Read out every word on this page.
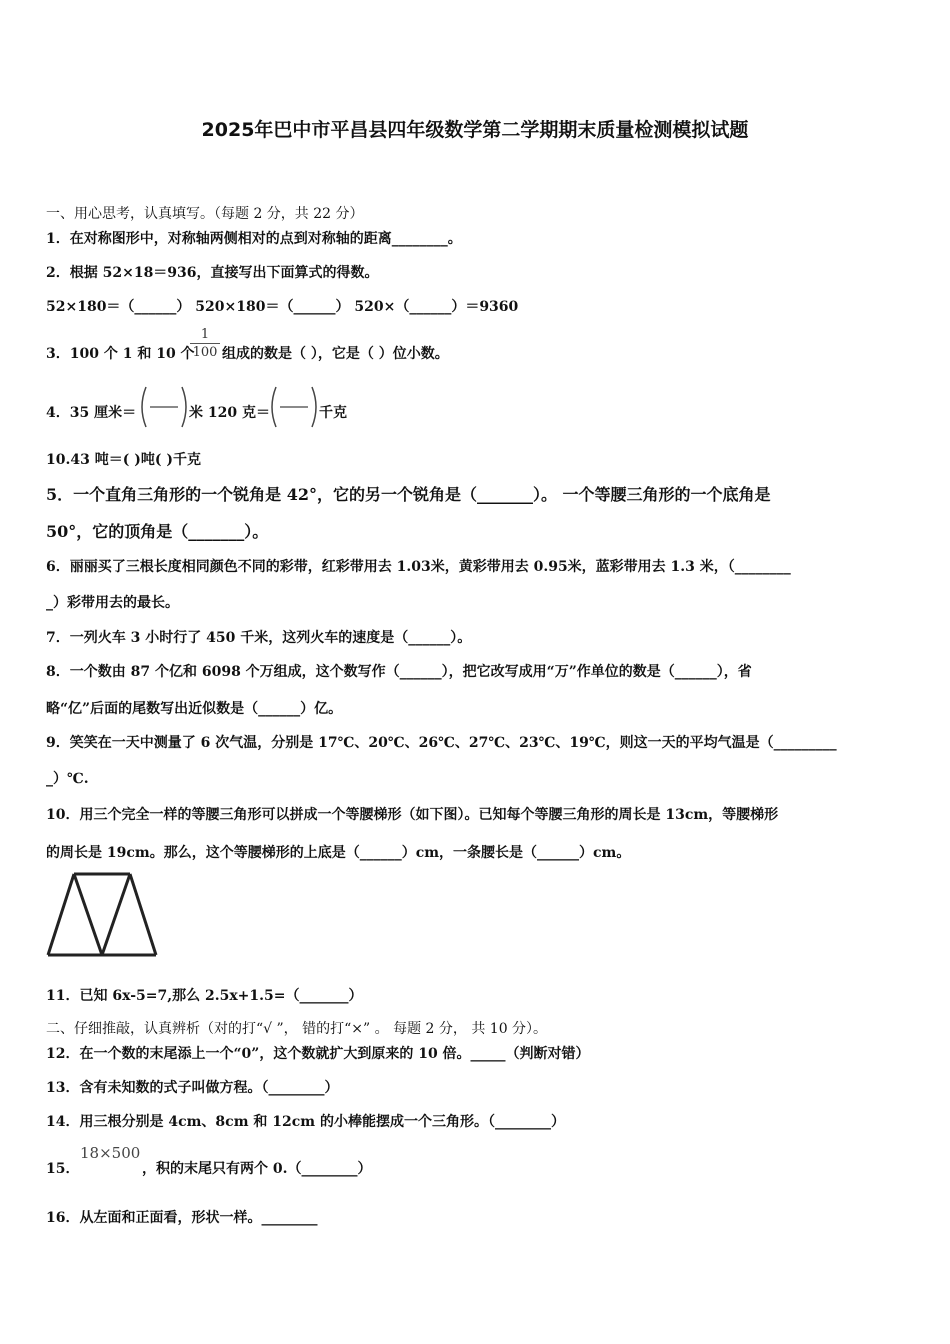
2025年巴中市平昌县四年级数学第二学期期末质量检测模拟试题
一、用心思考，认真填写。（每题 2 分，共 22 分）
1．在对称图形中，对称轴两侧相对的点到对称轴的距离________。
2．根据 52×18＝936，直接写出下面算式的得数。
52×180＝（______） 520×180＝（______） 520×（______）＝9360
3．100 个 1 和 10 个
1
100 组成的数是（ ），它是（ ）位小数。
4．35 厘米＝	米 120 克＝	千克
10.43 吨＝( )吨( )千克
5．一个直角三角形的一个锐角是 42°，它的另一个锐角是（_______）。 一个等腰三角形的一个底角是
50°，它的顶角是（_______）。
6．丽丽买了三根长度相同颜色不同的彩带，红彩带用去 1.03米，黄彩带用去 0.95米，蓝彩带用去 1.3 米，（________
_）彩带用去的最长。
7．一列火车 3 小时行了 450 千米，这列火车的速度是（______）。
8．一个数由 87 个亿和 6098 个万组成，这个数写作（______），把它改写成用“万”作单位的数是（______），省
略“亿”后面的尾数写出近似数是（______）亿。
9．笑笑在一天中测量了 6 次气温，分别是 17℃、20℃、26℃、27℃、23℃、19℃，则这一天的平均气温是（_________
_）℃.
10．用三个完全一样的等腰三角形可以拼成一个等腰梯形（如下图）。已知每个等腰三角形的周长是 13cm，等腰梯形
的周长是 19cm。那么，这个等腰梯形的上底是（______）cm，一条腰长是（______）cm。
11．已知 6x-5=7,那么 2.5x+1.5=（_______）
二、仔细推敲，认真辨析（对的打“√ ”， 错的打“×” 。 每题 2 分， 共 10 分）。
12．在一个数的末尾添上一个“0”，这个数就扩大到原来的 10 倍。_____（判断对错）
13．含有未知数的式子叫做方程。（________）
14．用三根分别是 4cm、8cm 和 12cm 的小棒能摆成一个三角形。（________）
15．
18×500
，积的末尾只有两个 0.（________）
16．从左面和正面看，形状一样。________
